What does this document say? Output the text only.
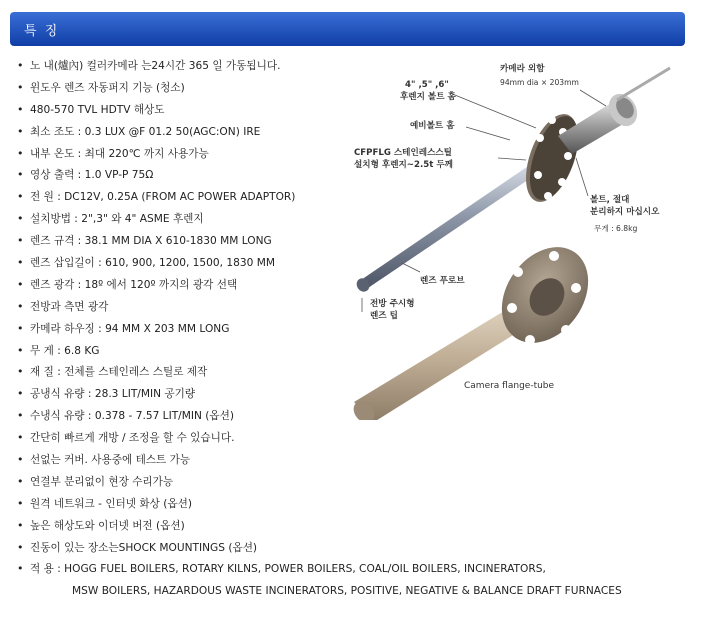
특 징
• 노 내(爐內) 컬러카메라 는24시간 365 일 가동됩니다.
• 윈도우 렌즈 자동퍼지 기능 (청소)
• 480-570 TVL HDTV 해상도
• 최소 조도 : 0.3 LUX @F 01.2 50(AGC:ON) IRE
• 내부 온도 : 최대 220℃ 까지 사용가능
• 영상 출력 : 1.0 VP-P 75Ω
• 전 원 : DC12V, 0.25A (FROM AC POWER ADAPTOR)
• 설치방법 : 2",3" 와 4" ASME 후렌지
• 렌즈 규격 : 38.1 MM DIA X 610-1830 MM LONG
• 렌즈 삽입길이 : 610, 900, 1200, 1500, 1830 MM
• 렌즈 광각 : 18º 에서 120º 까지의 광각 선택
• 전방과 측면 광각
• 카메라 하우징 : 94 MM X 203 MM LONG
• 무 게 : 6.8 KG
• 재 질 : 전체를 스테인레스 스틸로 제작
• 공냉식 유량 : 28.3 LIT/MIN 공기량
• 수냉식 유량 : 0.378 - 7.57 LIT/MIN (옵션)
• 간단히 빠르게 개방 / 조정을 할 수 있습니다.
• 선없는 커버. 사용중에 테스트 가능
• 연결부 분리없이 현장 수리가능
• 원격 네트워크 - 인터넷 화상 (옵션)
• 높은 해상도와 이더넷 버전 (옵션)
• 진동이 있는 장소는SHOCK MOUNTINGS (옵션)
• 적 용 : HOGG FUEL BOILERS, ROTARY KILNS, POWER BOILERS, COAL/OIL BOILERS, INCINERATORS,
MSW BOILERS, HAZARDOUS WASTE INCINERATORS, POSITIVE, NEGATIVE & BALANCE DRAFT FURNACES
카메라 외함
94mm dia × 203mm
4" ,5" ,6"
후렌지 볼트 홈
예비볼트 홈
CFPFLG 스테인레스스틸
설치형 후렌지~2.5t 두께
볼트, 절대
분리하지 마십시오
무게 : 6.8kg
렌즈 푸로브
전방 주시형
렌즈 팁
Camera flange-tube
